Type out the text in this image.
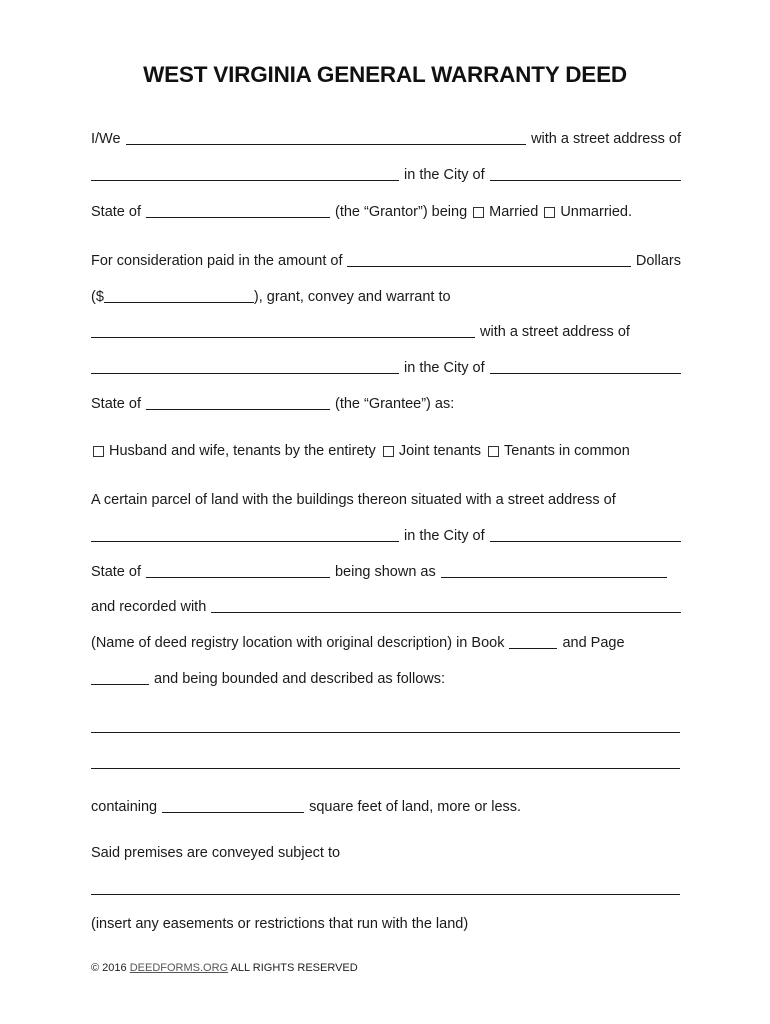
WEST VIRGINIA GENERAL WARRANTY DEED
I/We	with a street address of
in the City of
State of	(the “Grantor”) being Married Unmarried.
For consideration paid in the amount of	Dollars
($	), grant, convey and warrant to
with a street address of
in the City of
State of	(the “Grantee”) as:
Husband and wife, tenants by the entirety Joint tenants Tenants in common
A certain parcel of land with the buildings thereon situated with a street address of
in the City of
State of	being shown as
and recorded with
(Name of deed registry location with original description) in Book	and Page
and being bounded and described as follows:
containing	square feet of land, more or less.
Said premises are conveyed subject to
(insert any easements or restrictions that run with the land)
© 2016 DEEDFORMS.ORG ALL RIGHTS RESERVED
